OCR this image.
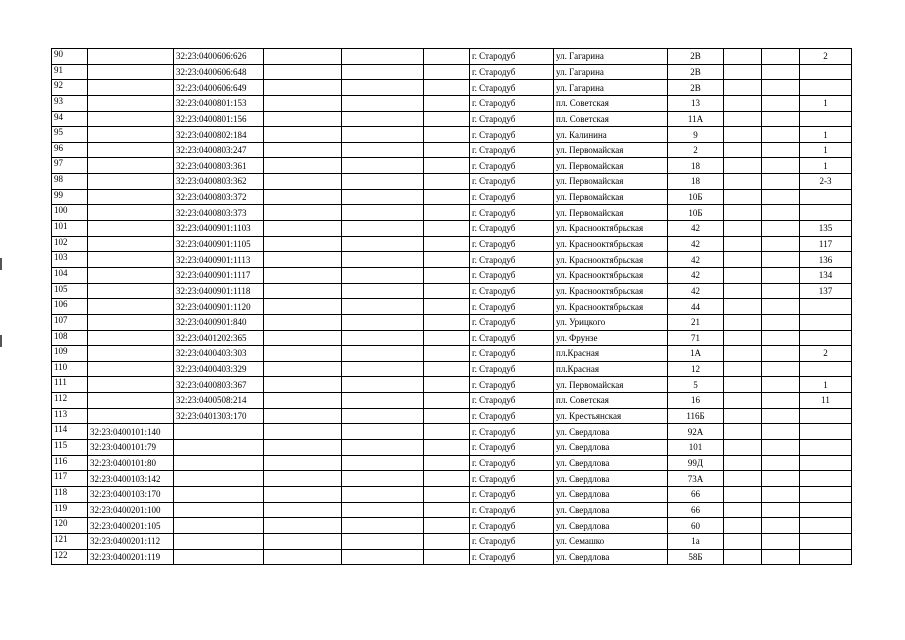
90		32:23:0400606:626				г. Стародуб	ул. Гагарина	2В			2
91		32:23:0400606:648				г. Стародуб	ул. Гагарина	2В			
92		32:23:0400606:649				г. Стародуб	ул. Гагарина	2В			
93		32:23:0400801:153				г. Стародуб	пл. Советская	13			1
94		32:23:0400801:156				г. Стародуб	пл. Советская	11А			
95		32:23:0400802:184				г. Стародуб	ул. Калинина	9			1
96		32:23:0400803:247				г. Стародуб	ул. Первомайская	2			1
97		32:23:0400803:361				г. Стародуб	ул. Первомайская	18			1
98		32:23:0400803:362				г. Стародуб	ул. Первомайская	18			2-3
99		32:23:0400803:372				г. Стародуб	ул. Первомайская	10Б			
100		32:23:0400803:373				г. Стародуб	ул. Первомайская	10Б			
101		32:23:0400901:1103				г. Стародуб	ул. Краснооктябрьская	42			135
102		32:23:0400901:1105				г. Стародуб	ул. Краснооктябрьская	42			117
103		32:23:0400901:1113				г. Стародуб	ул. Краснооктябрьская	42			136
104		32:23:0400901:1117				г. Стародуб	ул. Краснооктябрьская	42			134
105		32:23:0400901:1118				г. Стародуб	ул. Краснооктябрьская	42			137
106		32:23:0400901:1120				г. Стародуб	ул. Краснооктябрьская	44			
107		32:23:0400901:840				г. Стародуб	ул. Урицкого	21			
108		32:23:0401202:365				г. Стародуб	ул. Фрунзе	71			
109		32:23:0400403:303				г. Стародуб	пл.Красная	1А			2
110		32:23:0400403:329				г. Стародуб	пл.Красная	12			
111		32:23:0400803:367				г. Стародуб	ул. Первомайская	5			1
112		32:23:0400508:214				г. Стародуб	пл. Советская	16			11
113		32:23:0401303:170				г. Стародуб	ул. Крестьянская	116Б			
114	32:23:0400101:140					г. Стародуб	ул. Свердлова	92А			
115	32:23:0400101:79					г. Стародуб	ул. Свердлова	101			
116	32:23:0400101:80					г. Стародуб	ул. Свердлова	99Д			
117	32:23:0400103:142					г. Стародуб	ул. Свердлова	73А			
118	32:23:0400103:170					г. Стародуб	ул. Свердлова	66			
119	32:23:0400201:100					г. Стародуб	ул. Свердлова	66			
120	32:23:0400201:105					г. Стародуб	ул. Свердлова	60			
121	32:23:0400201:112					г. Стародуб	ул. Семашко	1а			
122	32:23:0400201:119					г. Стародуб	ул. Свердлова	58Б			
